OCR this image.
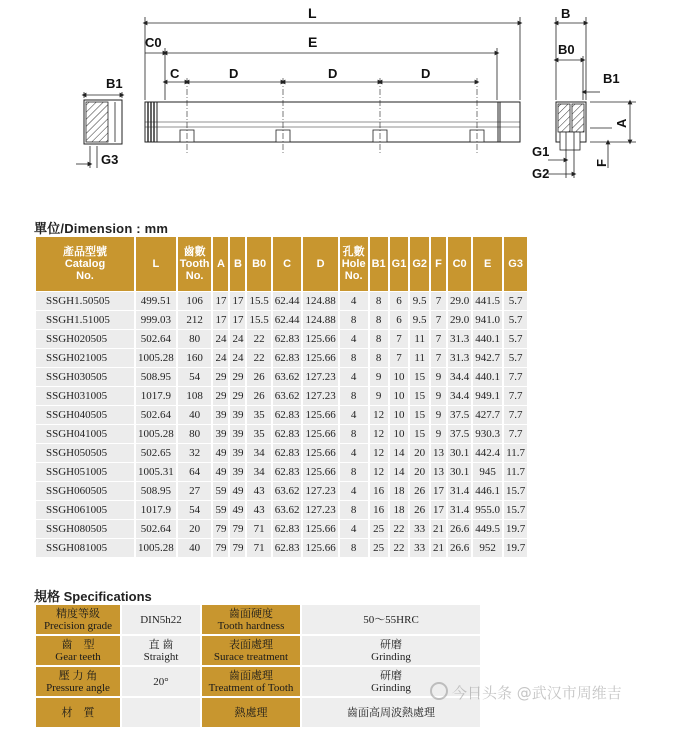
B1
G3
L
C0	E
C	D	D	D
B
B0
B1
A
F
G1
G2
單位/Dimension : mm
產品型號
Catalog
No.	L	齒數
Tooth
No.	A	B	B0	C	D	孔數
Hole
No.	B1	G1	G2	F	C0	E	G3

SSGH1.50505	499.51	106	17	17	15.5	62.44	124.88	4	8	6	9.5	7	29.0	441.5	5.7
SSGH1.51005	999.03	212	17	17	15.5	62.44	124.88	8	8	6	9.5	7	29.0	941.0	5.7
SSGH020505	502.64	80	24	24	22	62.83	125.66	4	8	7	11	7	31.3	440.1	5.7
SSGH021005	1005.28	160	24	24	22	62.83	125.66	8	8	7	11	7	31.3	942.7	5.7
SSGH030505	508.95	54	29	29	26	63.62	127.23	4	9	10	15	9	34.4	440.1	7.7
SSGH031005	1017.9	108	29	29	26	63.62	127.23	8	9	10	15	9	34.4	949.1	7.7
SSGH040505	502.64	40	39	39	35	62.83	125.66	4	12	10	15	9	37.5	427.7	7.7
SSGH041005	1005.28	80	39	39	35	62.83	125.66	8	12	10	15	9	37.5	930.3	7.7
SSGH050505	502.65	32	49	39	34	62.83	125.66	4	12	14	20	13	30.1	442.4	11.7
SSGH051005	1005.31	64	49	39	34	62.83	125.66	8	12	14	20	13	30.1	945	11.7
SSGH060505	508.95	27	59	49	43	63.62	127.23	4	16	18	26	17	31.4	446.1	15.7
SSGH061005	1017.9	54	59	49	43	63.62	127.23	8	16	18	26	17	31.4	955.0	15.7
SSGH080505	502.64	20	79	79	71	62.83	125.66	4	25	22	33	21	26.6	449.5	19.7
SSGH081005	1005.28	40	79	79	71	62.83	125.66	8	25	22	33	21	26.6	952	19.7
規格 Specifications
精度等級
Precision grade	DIN5h22	齒面硬度
Tooth hardness	50～55HRC

齒　型
Gear teeth	直 齒
Straight	表面處理
Surace treatment	研磨
Grinding

壓 力 角
Pressure angle	20°	齒面處理
Treatment of Tooth	研磨
Grinding

材　質		熱處理	齒面高周波熱處理
今日头条 @武汉市周维吉
